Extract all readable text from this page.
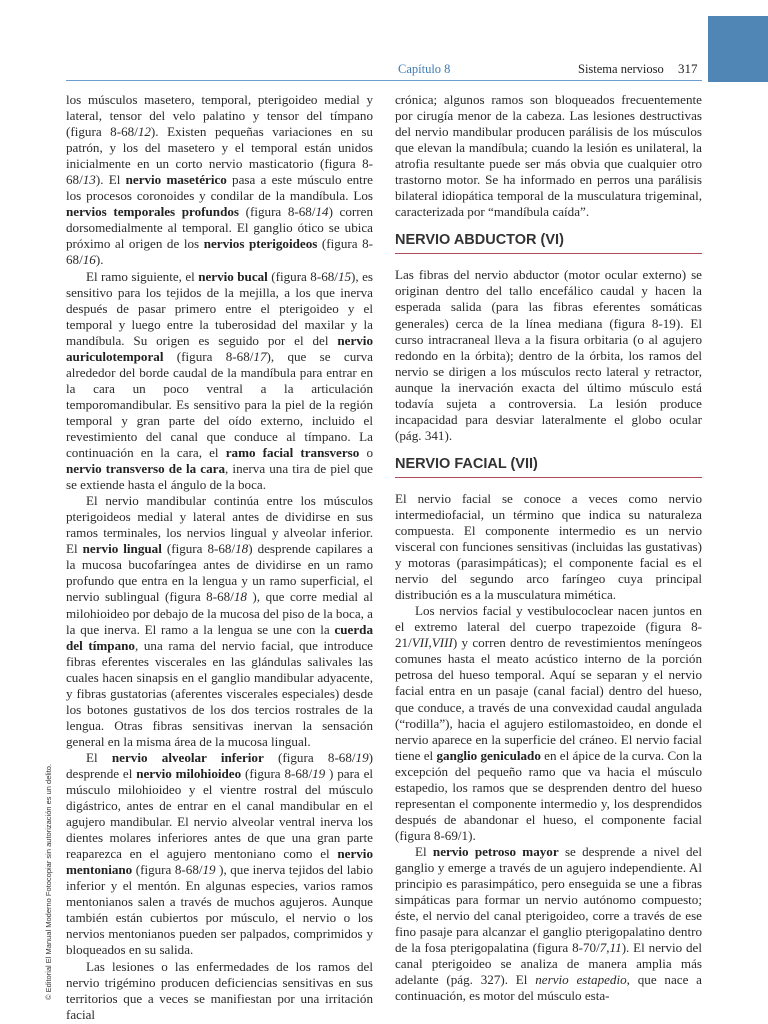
Capítulo 8	Sistema nervioso 317

los músculos masetero, temporal, pterigoideo medial y lateral, tensor del velo palatino y tensor del tímpano (figura 8-68/12). Existen pequeñas variaciones en su patrón, y los del masetero y el temporal están unidos inicialmente en un corto nervio masticatorio (figura 8-68/13). El nervio masetérico pasa a este músculo entre los procesos coronoides y condilar de la mandíbula. Los nervios temporales profundos (figura 8-68/14) corren dorsomedialmente al temporal. El ganglio ótico se ubica próximo al origen de los nervios pterigoideos (figura 8-68/16).

El ramo siguiente, el nervio bucal (figura 8-68/15), es sensitivo para los tejidos de la mejilla, a los que inerva después de pasar primero entre el pterigoideo y el temporal y luego entre la tuberosidad del maxilar y la mandíbula. Su origen es seguido por el del nervio auriculotemporal (figura 8-68/17), que se curva alrededor del borde caudal de la mandíbula para entrar en la cara un poco ventral a la articulación temporomandibular. Es sensitivo para la piel de la región temporal y gran parte del oído externo, incluido el revestimiento del canal que conduce al tímpano. La continuación en la cara, el ramo facial transverso o nervio transverso de la cara, inerva una tira de piel que se extiende hasta el ángulo de la boca.

El nervio mandibular continúa entre los músculos pterigoideos medial y lateral antes de dividirse en sus ramos terminales, los nervios lingual y alveolar inferior. El nervio lingual (figura 8-68/18) desprende capilares a la mucosa bucofaríngea antes de dividirse en un ramo profundo que entra en la lengua y un ramo superficial, el nervio sublingual (figura 8-68/18 ), que corre medial al milohioideo por debajo de la mucosa del piso de la boca, a la que inerva. El ramo a la lengua se une con la cuerda del tímpano, una rama del nervio facial, que introduce fibras eferentes viscerales en las glándulas salivales las cuales hacen sinapsis en el ganglio mandibular adyacente, y fibras gustatorias (aferentes viscerales especiales) desde los botones gustativos de los dos tercios rostrales de la lengua. Otras fibras sensitivas inervan la sensación general en la misma área de la mucosa lingual.

El nervio alveolar inferior (figura 8-68/19) desprende el nervio milohioideo (figura 8-68/19 ) para el músculo milohioideo y el vientre rostral del músculo digástrico, antes de entrar en el canal mandibular en el agujero mandibular. El nervio alveolar ventral inerva los dientes molares inferiores antes de que una gran parte reaparezca en el agujero mentoniano como el nervio mentoniano (figura 8-68/19 ), que inerva tejidos del labio inferior y el mentón. En algunas especies, varios ramos mentonianos salen a través de muchos agujeros. Aunque también están cubiertos por músculo, el nervio o los nervios mentonianos pueden ser palpados, comprimidos y bloqueados en su salida.

Las lesiones o las enfermedades de los ramos del nervio trigémino producen deficiencias sensitivas en sus territorios que a veces se manifiestan por una irritación facial

crónica; algunos ramos son bloqueados frecuentemente por cirugía menor de la cabeza. Las lesiones destructivas del nervio mandibular producen parálisis de los músculos que elevan la mandíbula; cuando la lesión es unilateral, la atrofia resultante puede ser más obvia que cualquier otro trastorno motor. Se ha informado en perros una parálisis bilateral idiopática temporal de la musculatura trigeminal, caracterizada por “mandíbula caída”.

NERVIO ABDUCTOR (VI)

Las fibras del nervio abductor (motor ocular externo) se originan dentro del tallo encefálico caudal y hacen la esperada salida (para las fibras eferentes somáticas generales) cerca de la línea mediana (figura 8-19). El curso intracraneal lleva a la fisura orbitaria (o al agujero redondo en la órbita); dentro de la órbita, los ramos del nervio se dirigen a los músculos recto lateral y retractor, aunque la inervación exacta del último músculo está todavía sujeta a controversia. La lesión produce incapacidad para desviar lateralmente el globo ocular (pág. 341).

NERVIO FACIAL (VII)

El nervio facial se conoce a veces como nervio intermediofacial, un término que indica su naturaleza compuesta. El componente intermedio es un nervio visceral con funciones sensitivas (incluidas las gustativas) y motoras (parasimpáticas); el componente facial es el nervio del segundo arco faríngeo cuya principal distribución es a la musculatura mimética.

Los nervios facial y vestibulococlear nacen juntos en el extremo lateral del cuerpo trapezoide (figura 8-21/VII,VIII) y corren dentro de revestimientos meníngeos comunes hasta el meato acústico interno de la porción petrosa del hueso temporal. Aquí se separan y el nervio facial entra en un pasaje (canal facial) dentro del hueso, que conduce, a través de una convexidad caudal angulada (“rodilla”), hacia el agujero estilomastoideo, en donde el nervio aparece en la superficie del cráneo. El nervio facial tiene el ganglio geniculado en el ápice de la curva. Con la excepción del pequeño ramo que va hacia el músculo estapedio, los ramos que se desprenden dentro del hueso representan el componente intermedio y, los desprendidos después de abandonar el hueso, el componente facial (figura 8-69/1).

El nervio petroso mayor se desprende a nivel del ganglio y emerge a través de un agujero independiente. Al principio es parasimpático, pero enseguida se une a fibras simpáticas para formar un nervio autónomo compuesto; éste, el nervio del canal pterigoideo, corre a través de ese fino pasaje para alcanzar el ganglio pterigopalatino dentro de la fosa pterigopalatina (figura 8-70/7,11). El nervio del canal pterigoideo se analiza de manera amplia más adelante (pág. 327). El nervio estapedio, que nace a continuación, es motor del músculo esta-

© Editorial El Manual Moderno Fotocopiar sin autorización es un delito.
